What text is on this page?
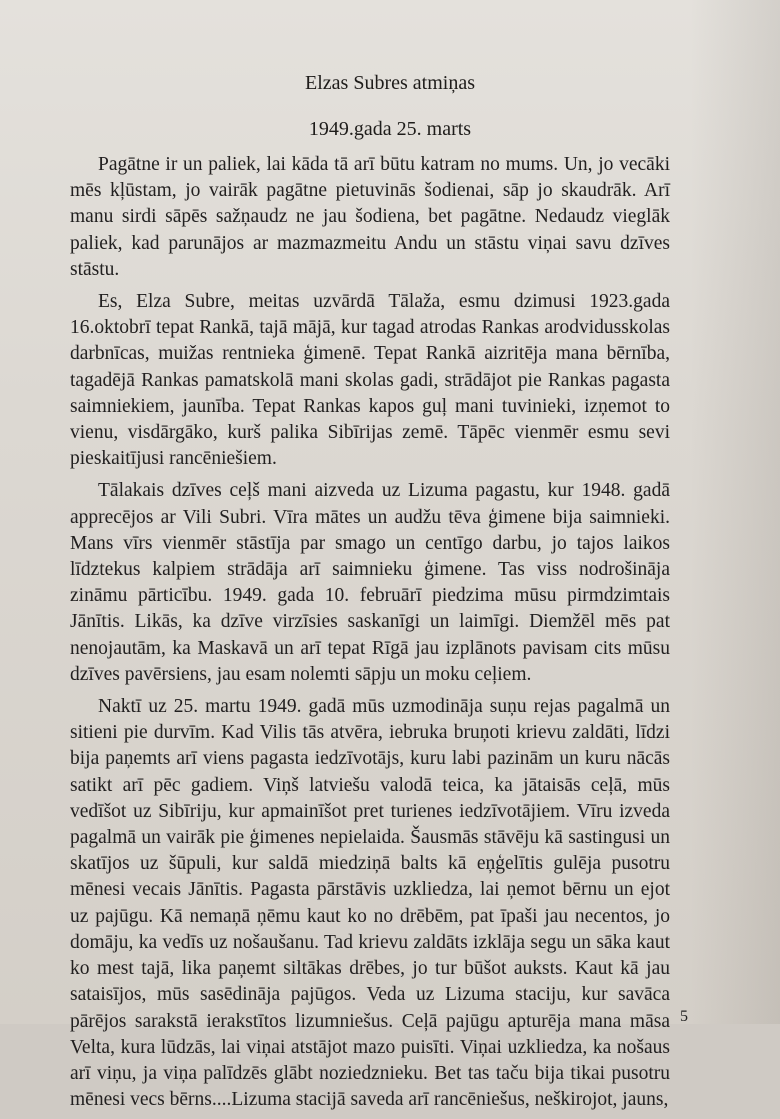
Elzas Subres atmiņas
1949.gada 25. marts

Pagātne ir un paliek, lai kāda tā arī būtu katram no mums. Un, jo vecāki mēs kļūstam, jo vairāk pagātne pietuvinās šodienai, sāp jo skaudrāk. Arī manu sirdi sāpēs sažņaudz ne jau šodiena, bet pagātne. Nedaudz vieglāk paliek, kad parunājos ar mazmazmeitu Andu un stāstu viņai savu dzīves stāstu.

Es, Elza Subre, meitas uzvārdā Tālaža, esmu dzimusi 1923.gada 16.oktobrī tepat Rankā, tajā mājā, kur tagad atrodas Rankas arodvidusskolas darbnīcas, muižas rentnieka ģimenē. Tepat Rankā aizritēja mana bērnība, tagadējā Rankas pamatskolā mani skolas gadi, strādājot pie Rankas pagasta saimniekiem, jaunība. Tepat Rankas kapos guļ mani tuvinieki, izņemot to vienu, visdārgāko, kurš palika Sibīrijas zemē. Tāpēc vienmēr esmu sevi pieskaitījusi rancēniešiem.

Tālakais dzīves ceļš mani aizveda uz Lizuma pagastu, kur 1948. gadā apprecējos ar Vili Subri. Vīra mātes un audžu tēva ģimene bija saimnieki. Mans vīrs vienmēr stāstīja par smago un centīgo darbu, jo tajos laikos līdztekus kalpiem strādāja arī saimnieku ģimene. Tas viss nodrošināja zināmu pārticību. 1949. gada 10. februārī piedzima mūsu pirmdzimtais Jānītis. Likās, ka dzīve virzīsies saskanīgi un laimīgi. Diemžēl mēs pat nenojautām, ka Maskavā un arī tepat Rīgā jau izplānots pavisam cits mūsu dzīves pavērsiens, jau esam nolemti sāpju un moku ceļiem.

Naktī uz 25. martu 1949. gadā mūs uzmodināja suņu rejas pagalmā un sitieni pie durvīm. Kad Vilis tās atvēra, iebruka bruņoti krievu zaldāti, līdzi bija paņemts arī viens pagasta iedzīvotājs, kuru labi pazinām un kuru nācās satikt arī pēc gadiem. Viņš latviešu valodā teica, ka jātaisās ceļā, mūs vedīšot uz Sibīriju, kur apmainīšot pret turienes iedzīvotājiem. Vīru izveda pagalmā un vairāk pie ģimenes nepielaida. Šausmās stāvēju kā sastingusi un skatījos uz šūpuli, kur saldā miedziņā balts kā eņģelītis gulēja pusotru mēnesi vecais Jānītis. Pagasta pārstāvis uzkliedza, lai ņemot bērnu un ejot uz pajūgu. Kā nemaņā ņēmu kaut ko no drēbēm, pat īpaši jau necentos, jo domāju, ka vedīs uz nošaušanu. Tad krievu zaldāts izklāja segu un sāka kaut ko mest tajā, lika paņemt siltākas drēbes, jo tur būšot auksts. Kaut kā jau sataisījos, mūs sasēdināja pajūgos. Veda uz Lizuma staciju, kur savāca pārējos sarakstā ierakstītos lizumniešus. Ceļā pajūgu apturēja mana māsa Velta, kura lūdzās, lai viņai atstājot mazo puisīti. Viņai uzkliedza, ka nošaus arī viņu, ja viņa palīdzēs glābt noziedznieku. Bet tas taču bija tikai pusotru mēnesi vecs bērns....Lizuma stacijā saveda arī rancēniešus, neškirojot, jauns,

5
